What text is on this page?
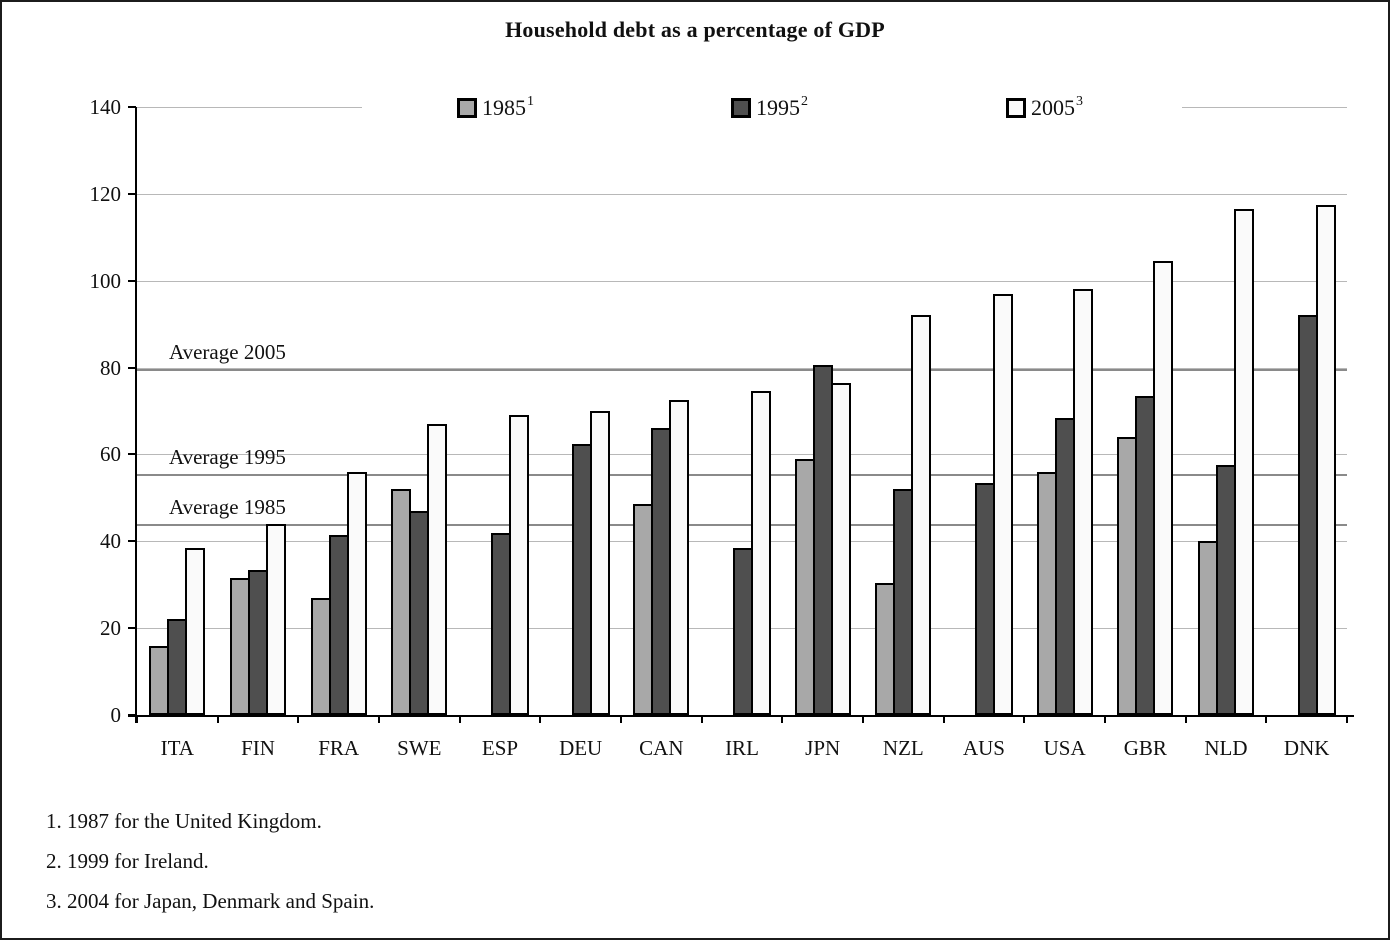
Household debt as a percentage of GDP
0
20
40
60
80
100
120
140
Average 2005
Average 1995
Average 1985
ITA	FIN	FRA	SWE	ESP	DEU	CAN	IRL	JPN	NZL	AUS	USA	GBR	NLD	DNK
1985$^1$	1995$^2$	2005$^3$
1. 1987 for the United Kingdom.
2. 1999 for Ireland.
3. 2004 for Japan, Denmark and Spain.
